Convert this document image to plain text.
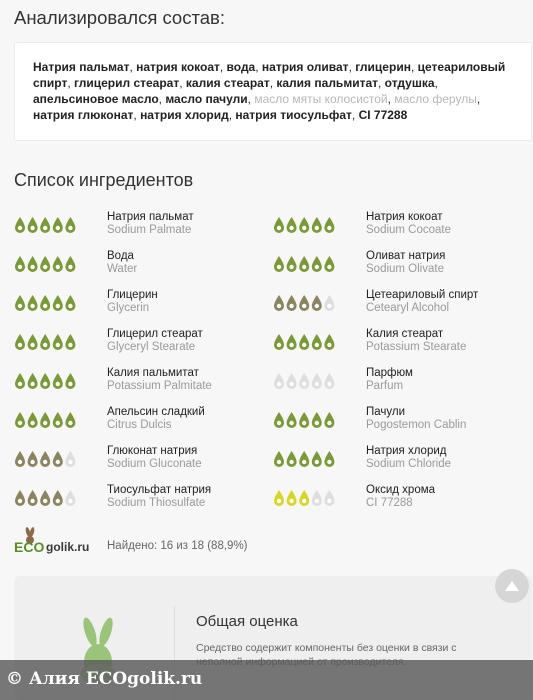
Анализировался состав:
Натрия пальмат, натрия кокоат, вода, натрия оливат, глицерин, цетеариловый спирт, глицерил стеарат, калия стеарат, калия пальмитат, отдушка, апельсиновое масло, масло пачули, масло мяты колосистой, масло ферулы, натрия глюконат, натрия хлорид, натрия тиосульфат, CI 77288
Список ингредиентов
Натрия пальмат
Sodium Palmate
Натрия кокоат
Sodium Cocoate
Вода
Water
Оливат натрия
Sodium Olivate
Глицерин
Glycerin
Цетеариловый спирт
Cetearyl Alcohol
Глицерил стеарат
Glyceryl Stearate
Калия стеарат
Potassium Stearate
Калия пальмитат
Potassium Palmitate
Парфюм
Parfum
Апельсин сладкий
Citrus Dulcis
Пачули
Pogostemon Cablin
Глюконат натрия
Sodium Gluconate
Натрия хлорид
Sodium Chloride
Тиосульфат натрия
Sodium Thiosulfate
Оксид хрома
CI 77288
ECO golik.ru Найдено: 16 из 18 (88,9%)
Общая оценка
Средство содержит компоненты без оценки в связи с
© Алия ECOgolik.ru
